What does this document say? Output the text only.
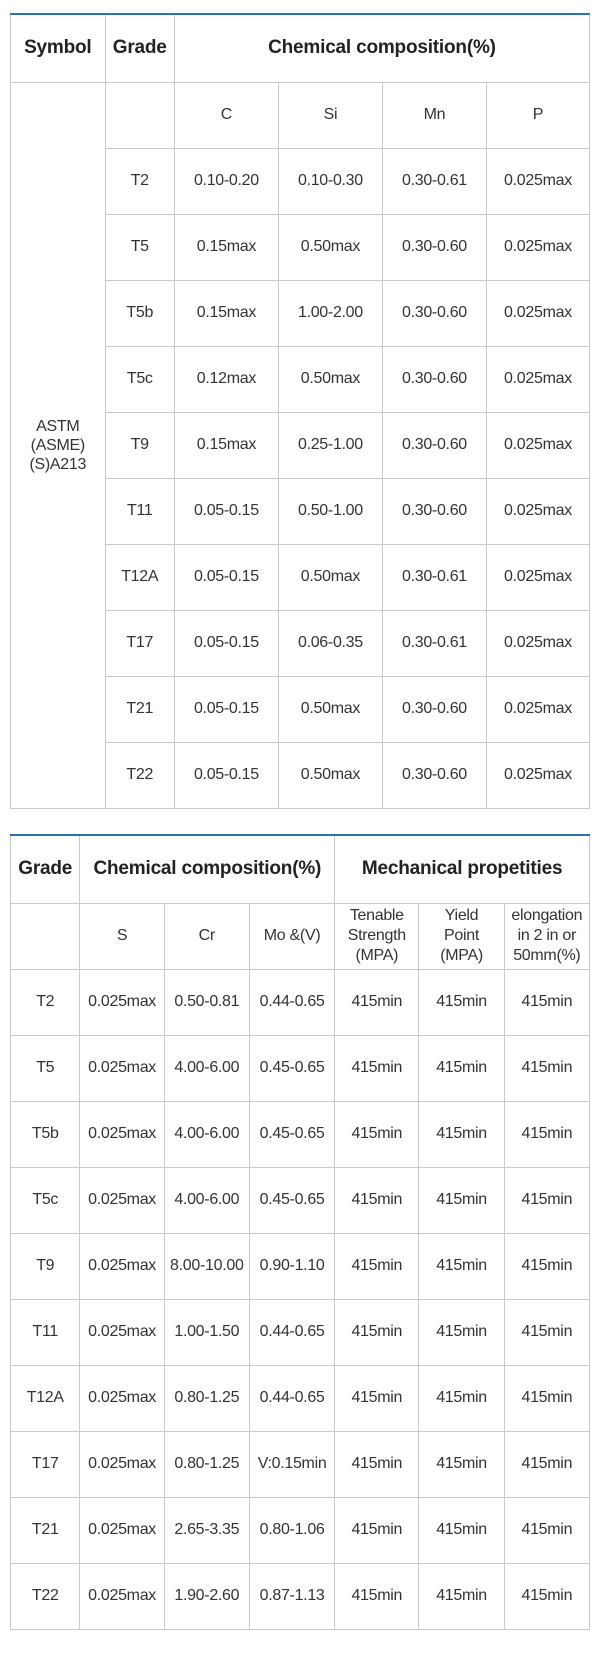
Symbol	Grade	Chemical composition(%)			
ASTM
(ASME)
(S)A213		C	Si	Mn	P
	T2	0.10-0.20	0.10-0.30	0.30-0.61	0.025max
	T5	0.15max	0.50max	0.30-0.60	0.025max
	T5b	0.15max	1.00-2.00	0.30-0.60	0.025max
	T5c	0.12max	0.50max	0.30-0.60	0.025max
	T9	0.15max	0.25-1.00	0.30-0.60	0.025max
	T11	0.05-0.15	0.50-1.00	0.30-0.60	0.025max
	T12A	0.05-0.15	0.50max	0.30-0.61	0.025max
	T17	0.05-0.15	0.06-0.35	0.30-0.61	0.025max
	T21	0.05-0.15	0.50max	0.30-0.60	0.025max
	T22	0.05-0.15	0.50max	0.30-0.60	0.025max
Grade	Chemical composition(%)			Mechanical propetities		
	S	Cr	Mo &(V)	Tenable
Strength
(MPA)	Yield
Point
(MPA)	elongation
in 2 in or
50mm(%)
T2	0.025max	0.50-0.81	0.44-0.65	415min	415min	415min
T5	0.025max	4.00-6.00	0.45-0.65	415min	415min	415min
T5b	0.025max	4.00-6.00	0.45-0.65	415min	415min	415min
T5c	0.025max	4.00-6.00	0.45-0.65	415min	415min	415min
T9	0.025max	8.00-10.00	0.90-1.10	415min	415min	415min
T11	0.025max	1.00-1.50	0.44-0.65	415min	415min	415min
T12A	0.025max	0.80-1.25	0.44-0.65	415min	415min	415min
T17	0.025max	0.80-1.25	V:0.15min	415min	415min	415min
T21	0.025max	2.65-3.35	0.80-1.06	415min	415min	415min
T22	0.025max	1.90-2.60	0.87-1.13	415min	415min	415min
